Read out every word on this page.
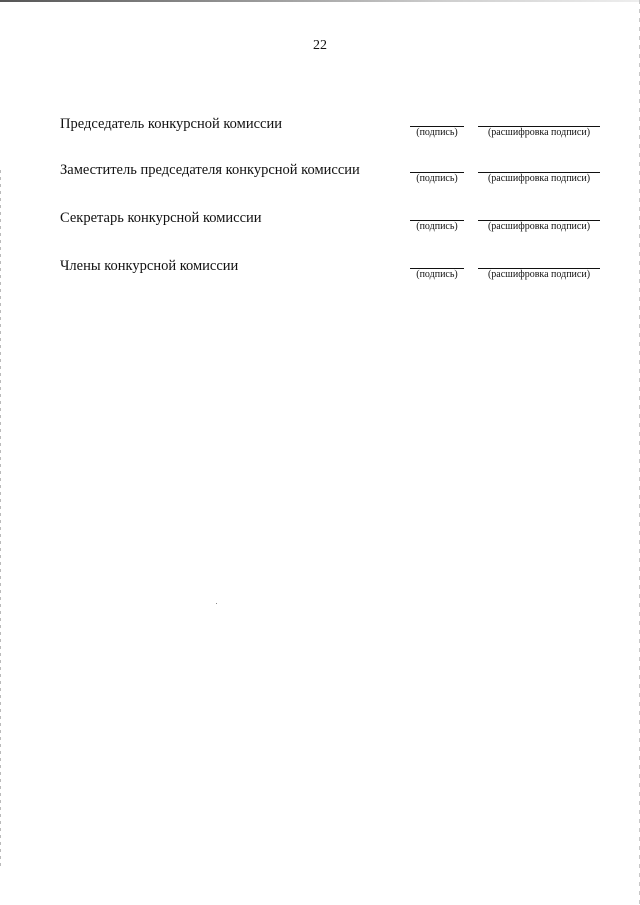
22
Председатель конкурсной комиссии
(подпись)	(расшифровка подписи)
Заместитель председателя конкурсной комиссии
(подпись)	(расшифровка подписи)
Секретарь конкурсной комиссии
(подпись)	(расшифровка подписи)
Члены конкурсной комиссии
(подпись)	(расшифровка подписи)
